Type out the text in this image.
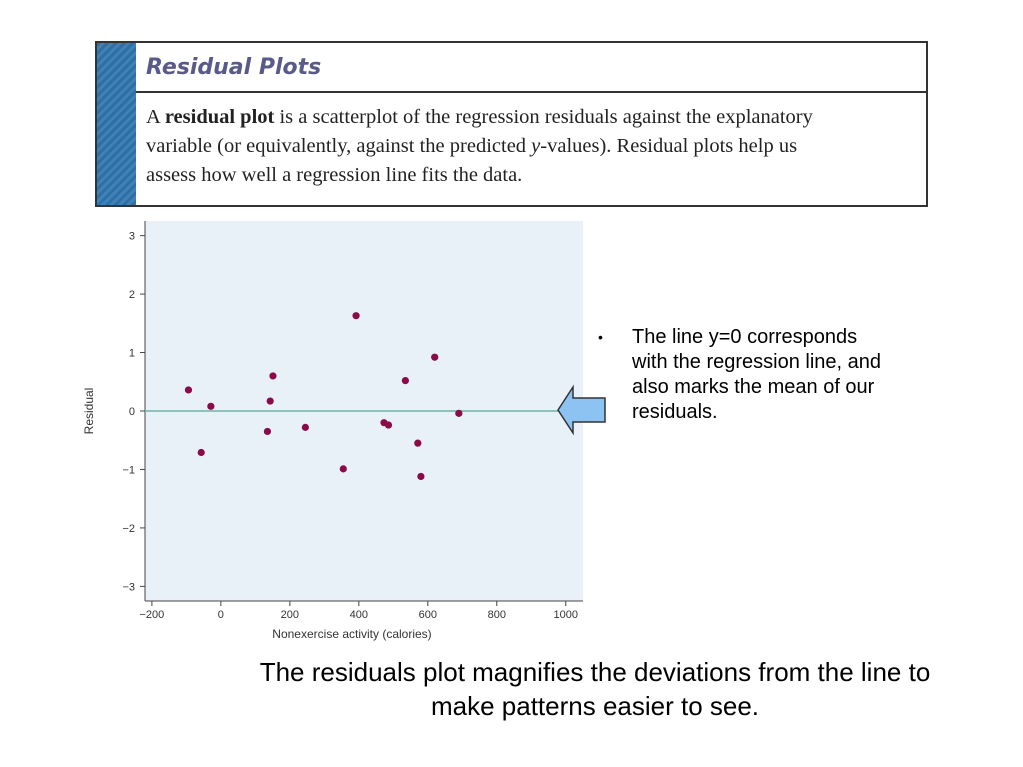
Residual Plots
A residual plot is a scatterplot of the regression residuals against the explanatory
variable (or equivalently, against the predicted y-values). Residual plots help us
assess how well a regression line fits the data.
3
2
1
0
−1
−2
−3
−200	0	200	400	600	800	1000
Nonexercise activity (calories)
Residual
• The line y=0 corresponds with the regression line, and also marks the mean of our residuals.
The residuals plot magnifies the deviations from the line to make patterns easier to see.
